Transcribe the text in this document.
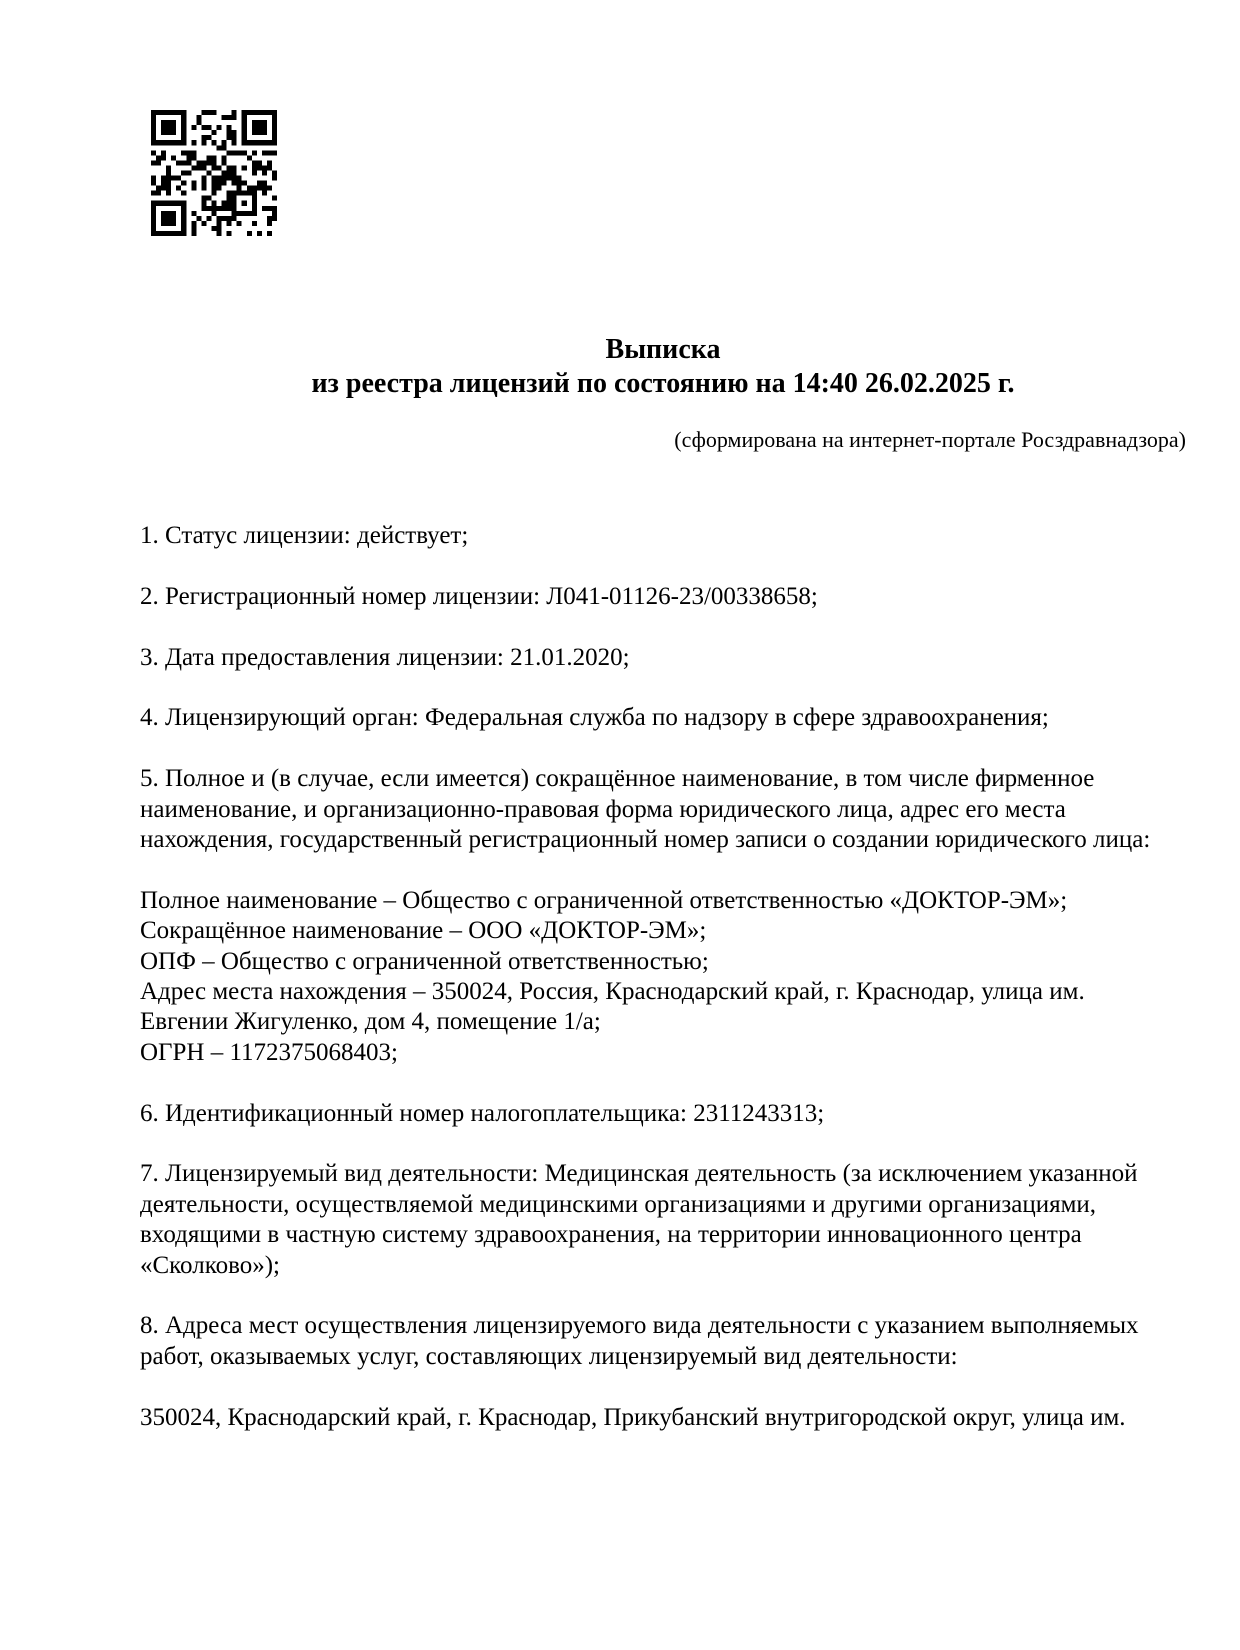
Выписка
из реестра лицензий по состоянию на 14:40 26.02.2025 г.
(сформирована на интернет-портале Росздравнадзора)
1. Статус лицензии: действует;
2. Регистрационный номер лицензии: Л041-01126-23/00338658;
3. Дата предоставления лицензии: 21.01.2020;
4. Лицензирующий орган: Федеральная служба по надзору в сфере здравоохранения;
5. Полное и (в случае, если имеется) сокращённое наименование, в том числе фирменное
наименование, и организационно-правовая форма юридического лица, адрес его места
нахождения, государственный регистрационный номер записи о создании юридического лица:
Полное наименование – Общество с ограниченной ответственностью «ДОКТОР-ЭМ»;
Сокращённое наименование – ООО «ДОКТОР-ЭМ»;
ОПФ – Общество с ограниченной ответственностью;
Адрес места нахождения – 350024, Россия, Краснодарский край, г. Краснодар, улица им.
Евгении Жигуленко, дом 4, помещение 1/а;
ОГРН – 1172375068403;
6. Идентификационный номер налогоплательщика: 2311243313;
7. Лицензируемый вид деятельности: Медицинская деятельность (за исключением указанной
деятельности, осуществляемой медицинскими организациями и другими организациями,
входящими в частную систему здравоохранения, на территории инновационного центра
«Сколково»);
8. Адреса мест осуществления лицензируемого вида деятельности с указанием выполняемых
работ, оказываемых услуг, составляющих лицензируемый вид деятельности:
350024, Краснодарский край, г. Краснодар, Прикубанский внутригородской округ, улица им.
